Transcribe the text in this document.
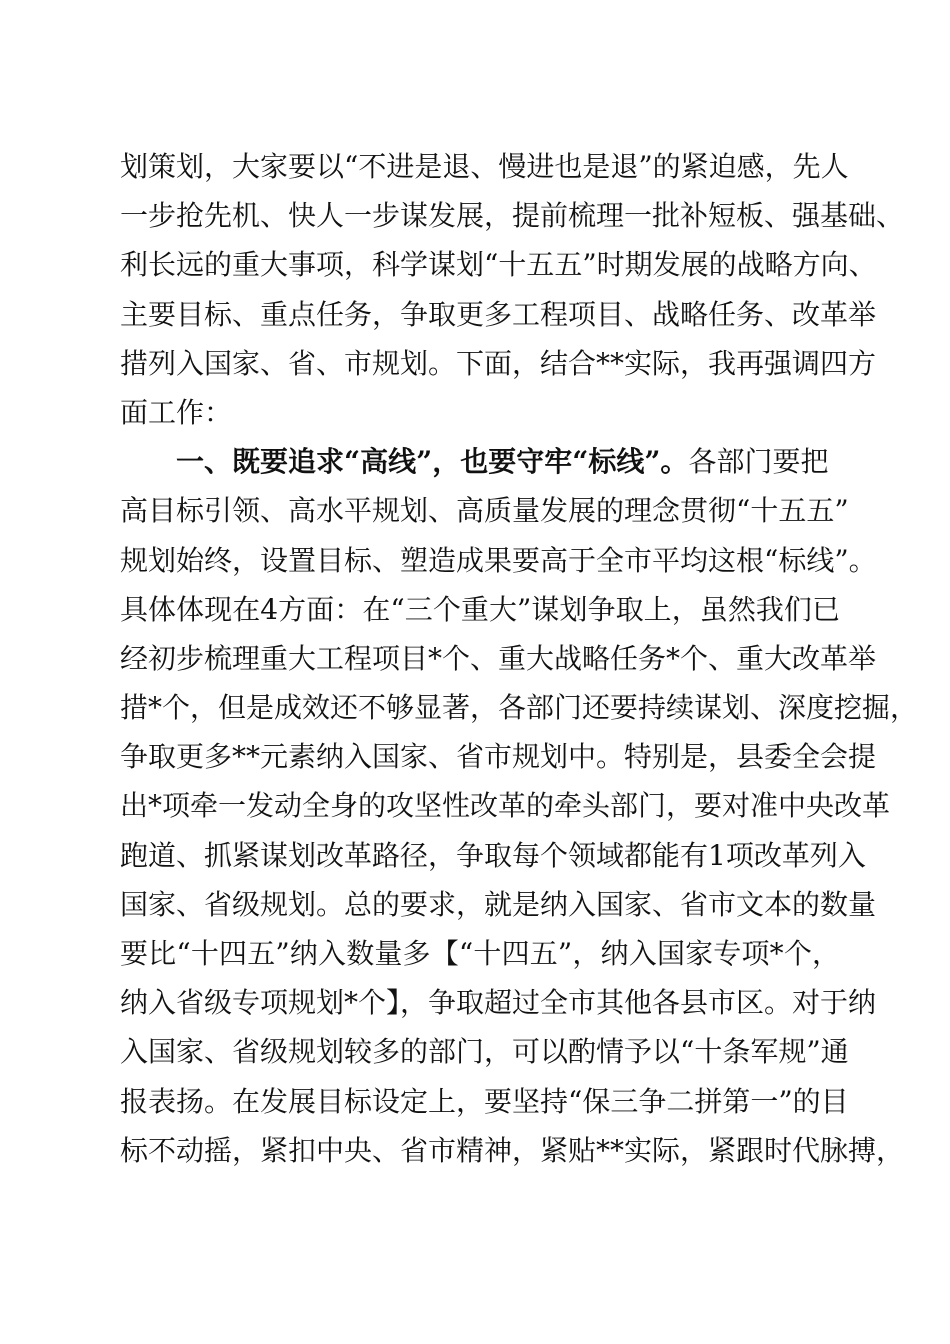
划策划，大家要以“不进是退、慢进也是退”的紧迫感，先人
一步抢先机、快人一步谋发展，提前梳理一批补短板、强基础、
利长远的重大事项，科学谋划“十五五”时期发展的战略方向、
主要目标、重点任务，争取更多工程项目、战略任务、改革举
措列入国家、省、市规划。下面，结合**实际，我再强调四方
面工作：
一、既要追求“高线”，也要守牢“标线”。各部门要把
高目标引领、高水平规划、高质量发展的理念贯彻“十五五”
规划始终，设置目标、塑造成果要高于全市平均这根“标线”。
具体体现在4方面：在“三个重大”谋划争取上，虽然我们已
经初步梳理重大工程项目*个、重大战略任务*个、重大改革举
措*个，但是成效还不够显著，各部门还要持续谋划、深度挖掘，
争取更多**元素纳入国家、省市规划中。特别是，县委全会提
出*项牵一发动全身的攻坚性改革的牵头部门，要对准中央改革
跑道、抓紧谋划改革路径，争取每个领域都能有1项改革列入
国家、省级规划。总的要求，就是纳入国家、省市文本的数量
要比“十四五”纳入数量多【“十四五”，纳入国家专项*个，
纳入省级专项规划*个】，争取超过全市其他各县市区。对于纳
入国家、省级规划较多的部门，可以酌情予以“十条军规”通
报表扬。在发展目标设定上，要坚持“保三争二拼第一”的目
标不动摇，紧扣中央、省市精神，紧贴**实际，紧跟时代脉搏，
